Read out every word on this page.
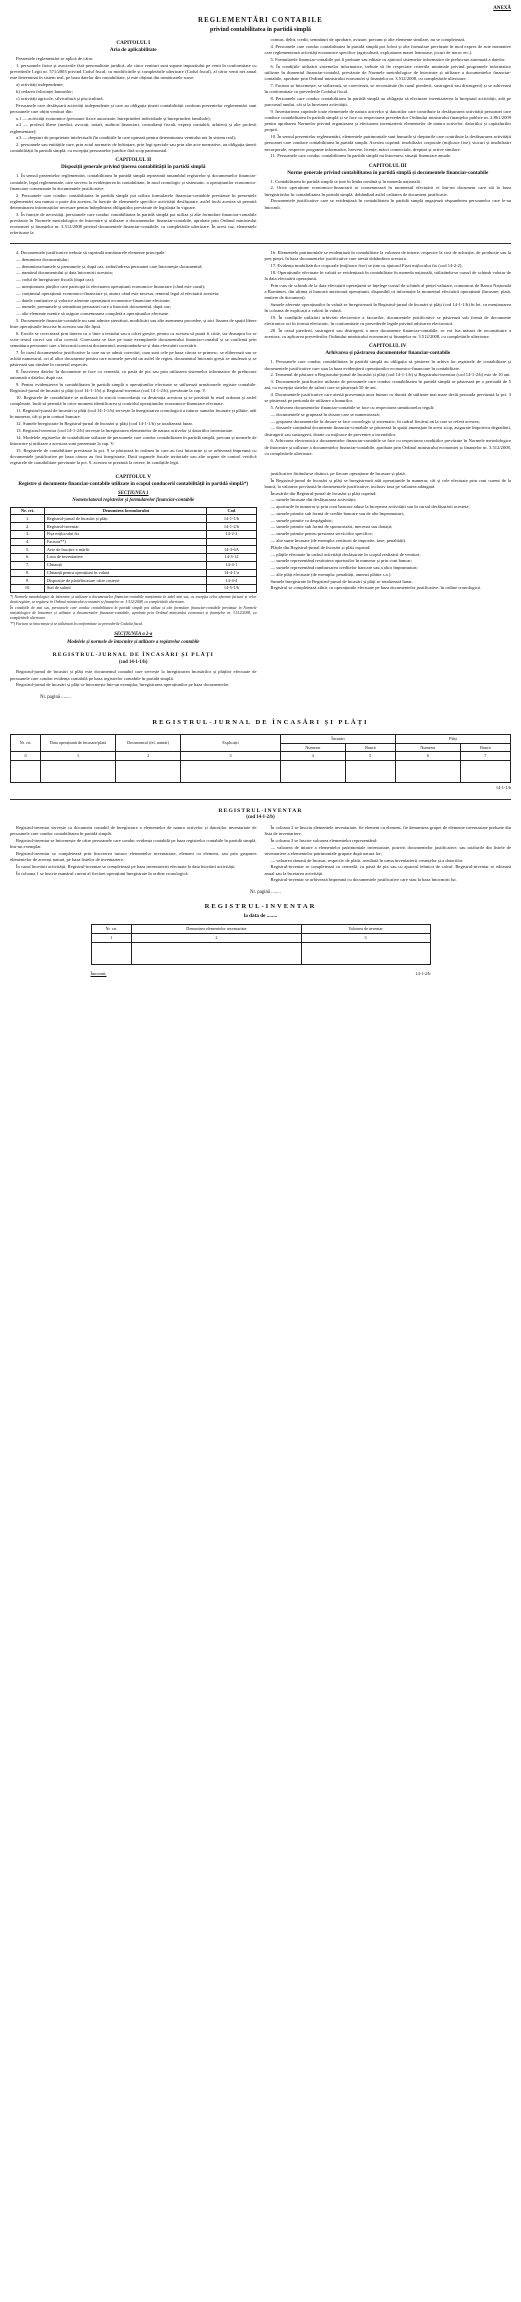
ANEXĂ
REGLEMENTĂRI CONTABILE
privind contabilitatea în partidă simplă
CAPITOLUL I
Aria de aplicabilitate

Prezentele reglementări se aplică de către:

1. persoanele fizice și asocierile fără personalitate juridică, ale căror venituri sunt supuse impozitului pe venit în conformitate cu prevederile Legii nr. 571/2003 privind Codul fiscal, cu modificările și completările ulterioare (Codul fiscal), al căror venit net anual este determinat în sistem real, pe baza datelor din contabilitate, și este obținut din următoarele surse:

a) activități independente;

b) cedarea folosinței bunurilor;

c) activități agricole, silvicultură și piscicultură.

Persoanele care desfășoară activități independente și care au obligația ținerii contabilității conform prezentelor reglementări sunt persoanele care obțin venituri din:

a.1 — activități economice (persoane fizice autorizate, întreprinderi individuale și întreprinderi familiale);

a.2 — profesii libere (medici, avocați, notari, auditori financiari, consultanți fiscali, experți contabili, arhitecți și alte profesii reglementate);

a.3 — drepturi de proprietate intelectuală (în condițiile în care optează pentru determinarea venitului net în sistem real);

2. persoanele sau entitățile care, prin actul normativ de înființare, prin legi speciale sau prin alte acte normative, au obligația ținerii contabilității în partidă simplă, cu excepția persoanelor juridice fără scop patrimonial.

CAPITOLUL II
Dispoziții generale privind ținerea contabilității în partidă simplă

1. În sensul prezentelor reglementări, contabilitatea în partidă simplă reprezintă ansamblul registrelor și documentelor financiar-contabile, legal reglementate, care servesc la evidențierea în contabilitate, în mod cronologic și sistematic, a operațiunilor economico-financiare consemnate în documentele justificative.

2. Persoanele care conduc contabilitatea în partidă simplă pot utiliza formularele financiar-contabile prevăzute în prezentele reglementări sau numai o parte din acestea, în funcție de elementele specifice activității desfășurate, astfel încât acestea să permită determinarea informațiilor necesare pentru îndeplinirea obligațiilor prevăzute de legislația în vigoare.

3. În funcție de necesități, persoanele care conduc contabilitatea în partidă simplă pot utiliza și alte formulare financiar-contabile prevăzute în Normele metodologice de întocmire și utilizare a documentelor financiar-contabile, aprobate prin Ordinul ministrului economiei și finanțelor nr. 3.512/2008 privind documentele financiar-contabile, cu completările ulterioare. În acest caz, elementele referitoare la

conturi, debit, credit, semnături de aprobare, avizare, precum și alte elemente similare, nu se completează.

4. Persoanele care conduc contabilitatea în partidă simplă pot folosi și alte formulare prevăzute în mod expres de acte normative care reglementează activități economice specifice (agricultură, exploatarea masei lemnoase, jocuri de noroc etc.).

5. Formularele financiar-contabile pot fi preluate sau editate cu ajutorul sistemelor informatice de prelucrare automată a datelor.

6. În condițiile utilizării sistemelor informatice, trebuie să fie respectate criteriile minimale privind programele informatice utilizate în domeniul financiar-contabil, prevăzute de Normele metodologice de întocmire și utilizare a documentelor financiar-contabile, aprobate prin Ordinul ministrului economiei și finanțelor nr. 3.512/2008, cu completările ulterioare.

7. Factura se întocmește, se utilizează, se corectează, se reconstituie (în cazul pierderii, sustragerii sau distrugerii) și se arhivează în conformitate cu prevederile Codului fiscal.

8. Persoanele care conduc contabilitatea în partidă simplă au obligația să efectueze inventarierea la începutul activității, atât pe parcursul anului, cât și la încetarea activității.

9. Inventarierea cuprinde toate elementele de natura activelor și datoriilor care contribuie la desfășurarea activității persoanei care conduce contabilitatea în partidă simplă și se face cu respectarea prevederilor Ordinului ministrului finanțelor publice nr. 2.861/2009 pentru aprobarea Normelor privind organizarea și efectuarea inventarierii elementelor de natura activelor, datoriilor și capitalurilor proprii.

10. În sensul prezentelor reglementări, elementele patrimoniale sunt bunurile și drepturile care contribuie la desfășurarea activității persoanei care conduce contabilitatea în partidă simplă. Acestea cuprind: imobilizări corporale (mijloace fixe), stocuri și imobilizări necorporale, respectiv programe informatice, brevete, licențe, mărci comerciale, drepturi și active similare.

11. Persoanele care conduc contabilitatea în partidă simplă nu întocmesc situații financiare anuale.

CAPITOLUL III
Norme generale privind contabilitatea în partidă simplă și documentele financiar-contabile

1. Contabilitatea în partidă simplă se ține în limba română și în moneda națională.

2. Orice operațiune economico-financiară se consemnează în momentul efectuării ei într-un document care stă la baza înregistrărilor în contabilitatea în partidă simplă, dobândind astfel calitatea de document justificativ.

Documentele justificative care se evidențiază în contabilitatea în partidă simplă angajează răspunderea persoanelor care le-au întocmit.

4. Documentele justificative trebuie să cuprindă următoarele elemente principale:

— denumirea documentului;

— denumirea/numele și prenumele și, după caz, sediul/adresa persoanei care întocmește documentul;

— numărul documentului și data întocmirii acestuia;

— codul de înregistrare fiscală (după caz);

— menționarea părților care participă la efectuarea operațiunii economico-financiare (când este cazul);

— conținutul operațiunii economico-financiare și, atunci când este necesar, temeiul legal al efectuării acesteia;

— datele cantitative și valorice aferente operațiunii economico-financiare efectuate;

— numele, prenumele și semnătura persoanei care a întocmit documentul, după caz;

— alte elemente menite să asigure consemnarea completă a operațiunilor efectuate.

5. Documentele financiar-contabile nu sunt admise ștersături, modificări sau alte asemenea procedee, și nici lăsarea de spații libere între operațiunile înscrise în acestea sau file lipsă.

6. Erorile se corectează prin tăierea cu o linie a textului sau a cifrei greșite, pentru ca acestea să poată fi citite, iar deasupra lor se scrie textul corect sau cifra corectă. Corectarea se face pe toate exemplarele documentului financiar-contabil și se confirmă prin semnătura persoanei care a întocmit/corectat documentul, menționându-se și data efectuării corectării.

7. În cazul documentelor justificative la care nu se admit corectări, cum sunt cele pe baza cărora se primesc, se eliberează sau se achită numerarul, ori al altor documente pentru care normele prevăd un astfel de regim, documentul întocmit greșit se anulează și se păstrează sau rămâne în carnetul respectiv.

8. Înscrierea datelor în documente se face cu cerneală, cu pastă de pix sau prin utilizarea sistemelor informatice de prelucrare automată a datelor, după caz.

9. Pentru evidențierea în contabilitatea în partidă simplă a operațiunilor efectuate se utilizează următoarele registre contabile: Registrul-jurnal de încasări și plăți (cod 14-1-1/b) și Registrul-inventar (cod 14-1-2/b), prevăzute la cap. V.

10. Registrele de contabilitate se utilizează în strictă concordanță cu destinația acestora și se prezintă în mod ordonat și astfel completate, încât să permită în orice moment identificarea și controlul operațiunilor economico-financiare efectuate.

11. Registrul-jurnal de încasări și plăți (cod 14-1-1/b) servește la înregistrarea cronologică a tuturor sumelor încasate și plătite, atât în numerar, cât și prin conturi bancare.

12. Sumele înregistrate în Registrul-jurnal de încasări și plăți (cod 14-1-1/b) se totalizează lunar.

13. Registrul-inventar (cod 14-1-2/b) servește la înregistrarea elementelor de natura activelor și datoriilor inventariate.

14. Modelele registrelor de contabilitate utilizate de persoanele care conduc contabilitatea în partidă simplă, precum și normele de întocmire și utilizare a acestora sunt prezentate la cap. V.

15. Registrele de contabilitate prevăzute la pct. 9 se păstrează în ordinea în care au fost întocmite și se arhivează împreună cu documentele justificative pe baza cărora au fost înregistrate. Dacă organele fiscale teritoriale sau alte organe de control verifică registrele de contabilitate prevăzute la pct. 9, acestea se prezintă la cerere, în condițiile legii.

16. Elementele patrimoniale se evidențiază în contabilitate la valoarea de intrare, respectiv la cost de achiziție, de producție sau la preț pieței, în baza documentelor justificative care atestă dobândirea acestora.

17. Evidența imobilizărilor corporale (mijloace fixe) se ține cu ajutorul Fișei mijlocului fix (cod 14-2-2).

18. Operațiunile efectuate în valută se evidențiază în contabilitate în moneda națională, utilizându-se cursul de schimb valutar de la data efectuării operațiunii.

Prin curs de schimb de la data efectuării operațiunii se înțelege cursul de schimb al pieței valutare, comunicat de Banca Națională a României, din ultima zi bancară anterioară operațiunii, disponibil că informație la momentul efectuării operațiunii (încasare, plată, emitere de document).

Sumele aferente operațiunilor în valută se înregistrează în Registrul-jurnal de încasări și plăți (cod 14-1-1/b) în lei, cu menționarea în coloana de explicații a valorii în valută.

19. În condițiile utilizării arhivării electronice a facturilor, documentele justificative se păstrează sub formă de documente electronice ori în format electronic, în conformitate cu prevederile legale privind arhivarea electronică.

20. În cazul pierderii, sustragerii sau distrugerii a unor documente financiar-contabile, se vor lua măsuri de reconstituire a acestora, cu aplicarea prevederilor Ordinului ministrului economiei și finanțelor nr. 3.512/2008, cu completările ulterioare.

CAPITOLUL IV
Arhivarea și păstrarea documentelor financiar-contabile

1. Persoanele care conduc contabilitatea în partidă simplă au obligația să păstreze în arhiva lor registrele de contabilitate și documentele justificative care stau la baza evidențierii operațiunilor economico-financiare în contabilitate.

2. Termenul de păstrare a Registrului-jurnal de încasări și plăți (cod 14-1-1/b) și Registrului-inventar (cod 14-1-2/b) este de 10 ani.

3. Documentele justificative utilizate de persoanele care conduc contabilitatea în partidă simplă se păstrează pe o perioadă de 5 ani, cu excepția statelor de salarii care se păstrează 50 de ani.

4. Documentele justificative care atestă provenința unor bunuri cu durată de utilizare mai mare decât perioada prevăzută la pct. 3 se păstrează pe perioada de utilizare a bunurilor.

5. Arhivarea documentelor financiar-contabile se face cu respectarea următoarelor reguli:

— documentele se grupează în dosare care se numerotează;

— gruparea documentelor în dosare se face cronologic și sistematic, în cadrul fiecărui an la care se referă acestea;

— dosarele conținând documente financiar-contabile se păstrează în spații amenajate în acest scop, asigurate împotriva degradării, distrugerii sau sustragerii, dotate cu mijloace de prevenire a incendiilor.

6. Arhivarea electronică a documentelor financiar-contabile se face cu respectarea condițiilor prevăzute în Normele metodologice de întocmire și utilizare a documentelor financiar-contabile, aprobate prin Ordinul ministrului economiei și finanțelor nr. 3.512/2008, cu completările ulterioare.

CAPITOLUL V
Registre și documente financiar-contabile utilizate în scopul conducerii contabilității în partidă simplă*)
SECȚIUNEA 1
Nomenclatorul registrelor și formularelor financiar-contabile
Nr. crt.	Denumirea formularului	Cod
1.	Registrul-jurnal de încasări și plăți	14-1-1/b
2.	Registrul-inventar	14-1-2/b
3.	Fișa mijlocului fix	14-2-2
4.	Factura**)	
5.	Aviz de însoțire a mărfii	14-3-6A
6.	Lista de inventariere	14-3-12
7.	Chitanță	14-4-1
8.	Chitanță pentru operațiuni în valută	14-4-1/a
9.	Dispoziție de plată/încasare către casierie	14-4-4
10.	Stat de salarii	14-5-1/k
*) Normele metodologice de întocmire și utilizare a documentelor financiar-contabile menționate în tabel mai sus, cu excepția celor aferente facturii și celor două registre, se regăsesc în Ordinul ministrului economiei și finanțelor nr. 3.512/2008, cu completările ulterioare.
În condițiile de mai sus, persoanele care conduc contabilitatea în partidă simplă pot utiliza și alte formulare financiar-contabile prevăzute în Normele metodologice de întocmire și utilizare a documentelor financiar-contabile, aprobate prin Ordinul ministrului economiei și finanțelor nr. 3.512/2008, cu completările ulterioare.
**) Factura se întocmește și se utilizează în conformitate cu prevederile Codului fiscal.
SECȚIUNEA a 2-a
Modelele și normele de întocmire și utilizare a registrelor contabile
REGISTRUL-JURNAL DE ÎNCASĂRI ȘI PLĂȚI
(cod 14-1-1/b)

Registrul-jurnal de încasări și plăți este documentul contabil care servește la înregistrarea încasărilor și plăților efectuate de persoanele care conduc evidența contabilă pe baza registrelor contabile în partidă simplă.

Registrul-jurnal de încasări și plăți se întocmește într-un exemplar, înregistrarea operațiunilor pe baza documentelor

Nr. pagină ........

justificative făcându-se distinct, pe fiecare operațiune de încasare și plată.

În Registrul-jurnal de încasări și plăți se înregistrează atât operațiunile în numerar, cât și cele efectuate prin cont curent de la bancă, la valoarea prevăzută în documentele justificative, inclusiv taxa pe valoarea adăugată.

Încasările din Registrul-jurnal de încasări și plăți cuprind:

— sumele încasate din desfășurarea activității;

— aporturile în numerar și prin cont bancare aduse la începerea activității sau în cursul desfășurării acesteia;

— sumele primite sub formă de credite bancare sau de alte împrumuturi;

— sumele primite ca despăgubiri;

— sumele primite sub formă de sponsorizări, mecenat sau donații;

— sumele primite pentru prestarea serviciilor specifice;

— alte sume încasate (de exemplu: restituiri de impozite, taxe, penalități).

Plățile din Registrul-jurnal de încasări și plăți cuprind:

— plățile efectuate în cadrul activității desfășurate în scopul realizării de venituri;

— sumele reprezentând restituirea aporturilor în numerar și prin cont bancar;

— sumele reprezentând rambursarea creditelor bancare sau a altor împrumuturi;

— alte plăți efectuate (de exemplu: penalități, amenzi plătite s.a.).

Sumele înregistrate în Registrul-jurnal de încasări și plăți se totalizează lunar.

Registrul se completează zilnic cu operațiunile efectuate pe baza documentelor justificative, în ordine cronologică.

REGISTRUL-JURNAL DE ÎNCASĂRI ȘI PLĂȚI
Nr. crt.	Data operațiunii de încasare/plată	Documentul (fel, număr)	Explicații	Încasări		Plăți	
				Numerar	Bancă	Numerar	Bancă
0	1	2	3	4	5	6	7

14-1-1/b
REGISTRUL-INVENTAR
(cod 14-1-2/b)

Registrul-inventar servește ca document contabil de înregistrare a elementelor de natura activelor și datoriilor inventariate de persoanele care conduc contabilitatea în partidă simplă.

Registrul-inventar se întocmește de către persoanele care conduc evidența contabilă pe baza registrelor contabile în partidă simplă, într-un exemplar.

Registrul-inventar se completează prin înscrierea tuturor elementelor inventariate, element cu element, sau prin gruparea elementelor de aceeași natură, pe baza listelor de inventariere.

În cazul încetării activității, Registrul-inventar se completează pe baza inventarierii efectuate la data încetării activității.

În coloana 1 se înscrie numărul curent al fiecărei operațiuni înregistrate în ordine cronologică.

În coloana 2 se înscriu elementele inventariate, fie element cu element, fie denumirea grupei de elemente inventariate preluate din lista de inventariere.

În coloana 3 se înscrie valoarea elementelor reprezentând:

— valoarea de intrare a elementelor patrimoniale inventariate, potrivit documentelor justificative, sau totalurile din listele de inventariere a elementelor patrimoniale grupate după natura lor;

— valoarea rămasă de încasat, respectiv de plătit, rezultată în urma inventarierii creanțelor și a datoriilor.

Registrul-inventar se completează cu cerneală, cu pastă de pix sau cu ajutorul tehnicii de calcul. Registrul-inventar se editează anual sau la încetarea activității.

Registrul-inventar se arhivează împreună cu documentele justificative care stau la baza întocmirii lui.

Nr. pagină ........
REGISTRUL-INVENTAR
la data de ........
Nr. crt.	Denumirea elementelor inventariate	Valoarea de inventar
1	2	3

Întocmit,	14-1-2/b
